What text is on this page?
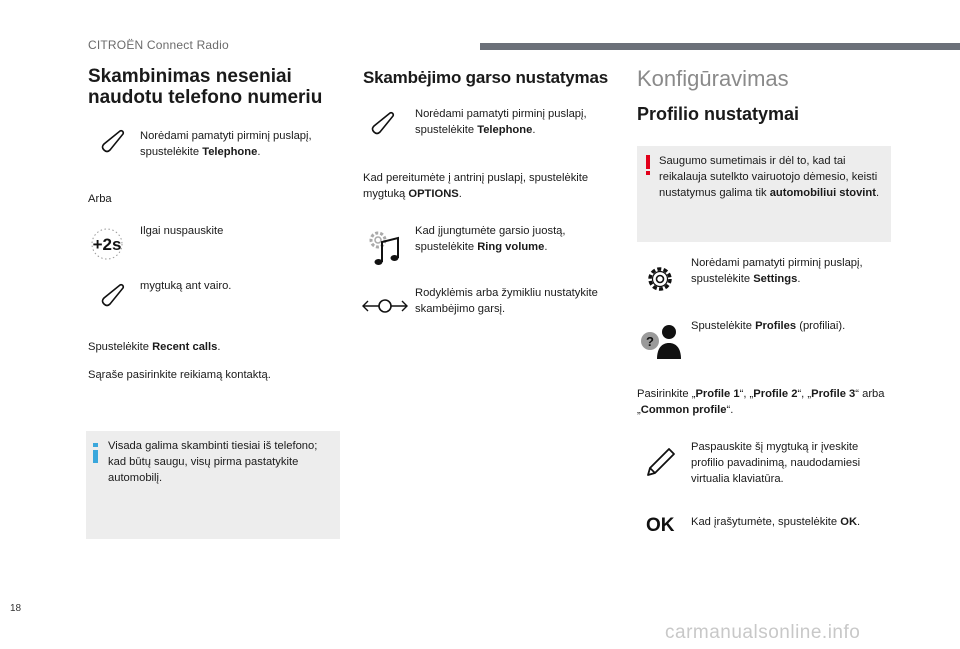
CITROËN Connect Radio
Skambinimas neseniai naudotu telefono numeriu
Norėdami pamatyti pirminį puslapį, spustelėkite Telephone.
Arba
+2s
Ilgai nuspauskite
mygtuką ant vairo.
Spustelėkite Recent calls.
Sąraše pasirinkite reikiamą kontaktą.
Visada galima skambinti tiesiai iš telefono; kad būtų saugu, visų pirma pastatykite automobilį.
Skambėjimo garso nustatymas
Norėdami pamatyti pirminį puslapį, spustelėkite Telephone.
Kad pereitumėte į antrinį puslapį, spustelėkite mygtuką OPTIONS.
Kad įjungtumėte garsio juostą, spustelėkite Ring volume.
Rodyklėmis arba žymikliu nustatykite skambėjimo garsį.
Konfigūravimas
Profilio nustatymai
Saugumo sumetimais ir dėl to, kad tai reikalauja sutelkto vairuotojo dėmesio, keisti nustatymus galima tik automobiliui stovint.
Norėdami pamatyti pirminį puslapį, spustelėkite Settings.
?
Spustelėkite Profiles (profiliai).
Pasirinkite „Profile 1“, „Profile 2“, „Profile 3“ arba „Common profile“.
Paspauskite šį mygtuką ir įveskite profilio pavadinimą, naudodamiesi virtualia klaviatūra.
OK Kad įrašytumėte, spustelėkite OK.
18
carmanualsonline.info
